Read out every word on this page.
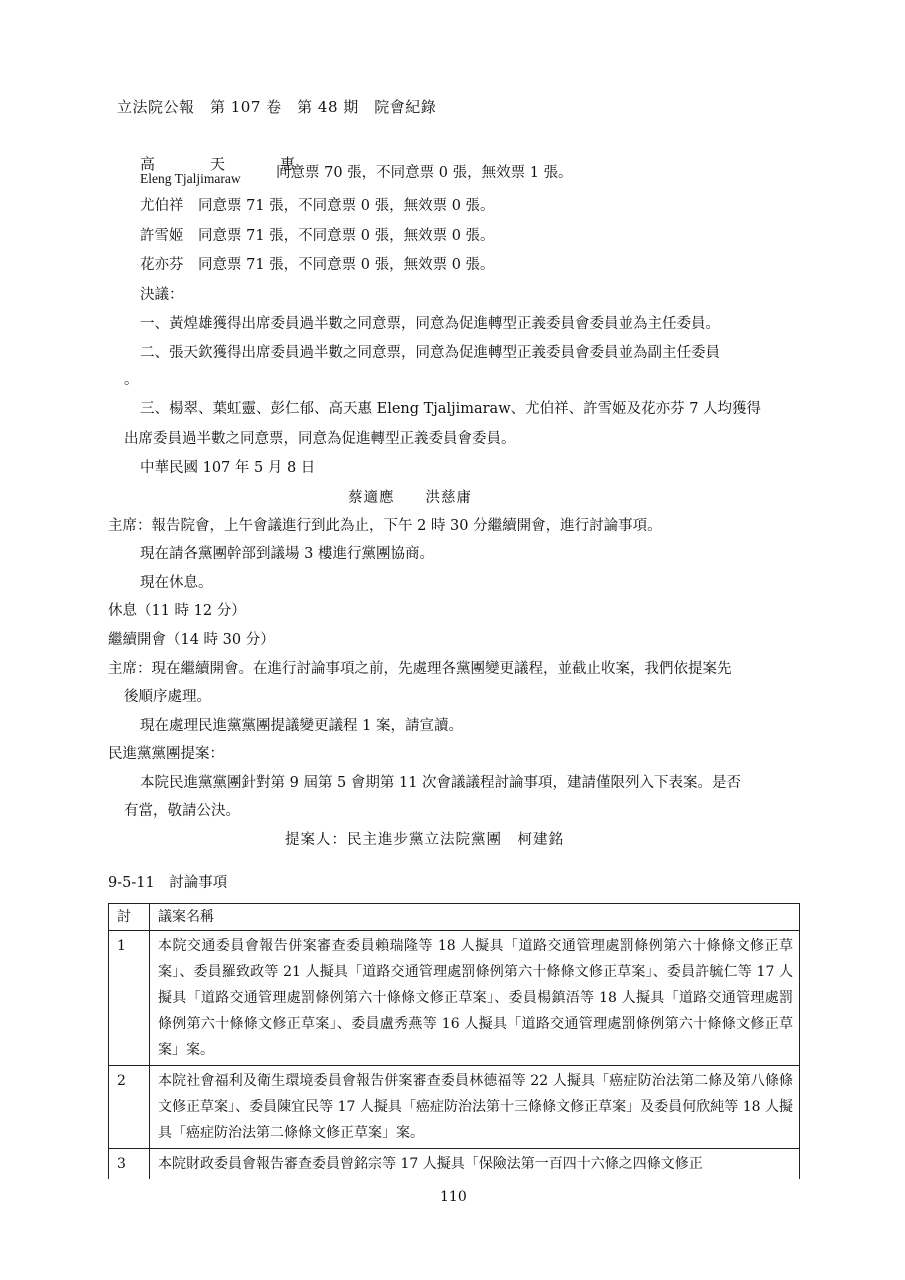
立法院公報　第 107 卷　第 48 期　院會紀錄
高　天　惠
Eleng Tjaljimaraw 同意票 70 張，不同意票 0 張，無效票 1 張。
尤伯祥　同意票 71 張，不同意票 0 張，無效票 0 張。
許雪姬　同意票 71 張，不同意票 0 張，無效票 0 張。
花亦芬　同意票 71 張，不同意票 0 張，無效票 0 張。
決議：
一、黃煌雄獲得出席委員過半數之同意票，同意為促進轉型正義委員會委員並為主任委員。
二、張天欽獲得出席委員過半數之同意票，同意為促進轉型正義委員會委員並為副主任委員
。
三、楊翠、葉虹靈、彭仁郁、高天惠 Eleng Tjaljimaraw、尤伯祥、許雪姬及花亦芬 7 人均獲得
出席委員過半數之同意票，同意為促進轉型正義委員會委員。
中華民國 107 年 5 月 8 日
蔡適應　　洪慈庸
主席：報告院會，上午會議進行到此為止，下午 2 時 30 分繼續開會，進行討論事項。
現在請各黨團幹部到議場 3 樓進行黨團協商。
現在休息。
休息（11 時 12 分）
繼續開會（14 時 30 分）
主席：現在繼續開會。在進行討論事項之前，先處理各黨團變更議程，並截止收案，我們依提案先
後順序處理。
現在處理民進黨黨團提議變更議程 1 案，請宣讀。
民進黨黨團提案：
本院民進黨黨團針對第 9 屆第 5 會期第 11 次會議議程討論事項，建請僅限列入下表案。是否
有當，敬請公決。
提案人：民主進步黨立法院黨團　柯建銘
9-5-11　討論事項
討	議案名稱
1	本院交通委員會報告併案審查委員賴瑞隆等 18 人擬具「道路交通管理處罰條例第六十條條文修正草案」、委員羅致政等 21 人擬具「道路交通管理處罰條例第六十條條文修正草案」、委員許毓仁等 17 人擬具「道路交通管理處罰條例第六十條條文修正草案」、委員楊鎮浯等 18 人擬具「道路交通管理處罰條例第六十條條文修正草案」、委員盧秀燕等 16 人擬具「道路交通管理處罰條例第六十條條文修正草案」案。
2	本院社會福利及衛生環境委員會報告併案審查委員林德福等 22 人擬具「癌症防治法第二條及第八條條文修正草案」、委員陳宜民等 17 人擬具「癌症防治法第十三條條文修正草案」及委員何欣純等 18 人擬具「癌症防治法第二條條文修正草案」案。
3	本院財政委員會報告審查委員曾銘宗等 17 人擬具「保險法第一百四十六條之四條文修正
110
